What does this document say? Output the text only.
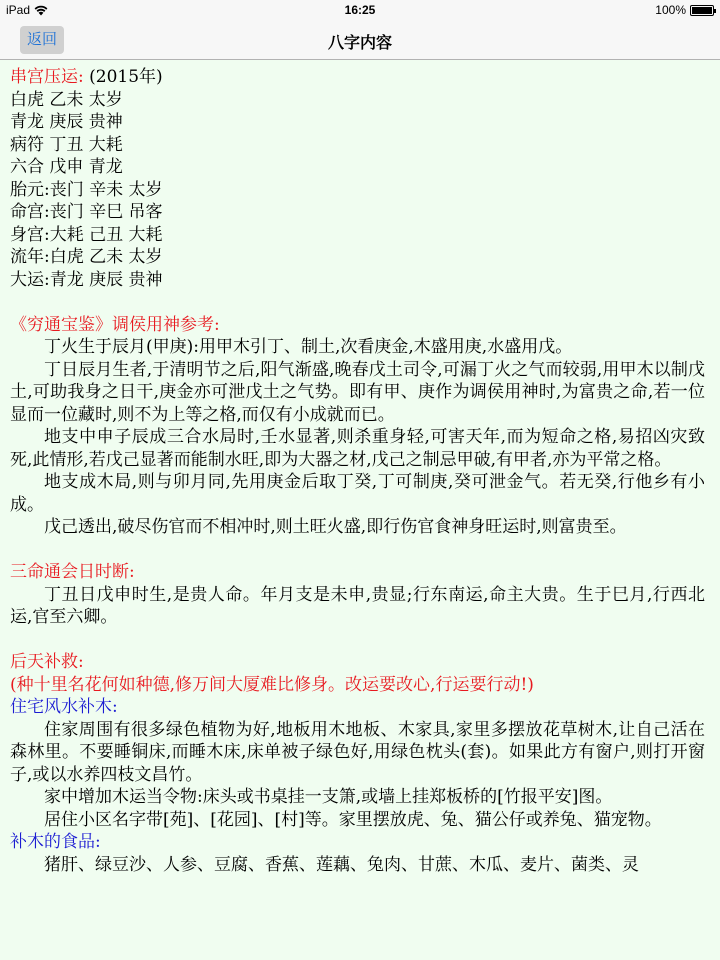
iPad	16:25	100%
返回	八字内容
串宫压运: (2015年)
白虎 乙未 太岁
青龙 庚辰 贵神
病符 丁丑 大耗
六合 戊申 青龙
胎元:丧门 辛未 太岁
命宫:丧门 辛巳 吊客
身宫:大耗 己丑 大耗
流年:白虎 乙未 太岁
大运:青龙 庚辰 贵神
《穷通宝鉴》调侯用神参考:
丁火生于辰月(甲庚):用甲木引丁、制土,次看庚金,木盛用庚,水盛用戊。
丁日辰月生者,于清明节之后,阳气渐盛,晚春戊土司令,可漏丁火之气而较弱,用甲木以制戊土,可助我身之日干,庚金亦可泄戊土之气势。即有甲、庚作为调侯用神时,为富贵之命,若一位显而一位藏时,则不为上等之格,而仅有小成就而已。
地支中申子辰成三合水局时,壬水显著,则杀重身轻,可害天年,而为短命之格,易招凶灾致死,此情形,若戊己显著而能制水旺,即为大器之材,戊己之制忌甲破,有甲者,亦为平常之格。
地支成木局,则与卯月同,先用庚金后取丁癸,丁可制庚,癸可泄金气。若无癸,行他乡有小成。
戊己透出,破尽伤官而不相冲时,则土旺火盛,即行伤官食神身旺运时,则富贵至。
三命通会日时断:
丁丑日戊申时生,是贵人命。年月支是未申,贵显;行东南运,命主大贵。生于巳月,行西北运,官至六卿。
后天补救:
(种十里名花何如种德,修万间大厦难比修身。改运要改心,行运要行动!)
住宅风水补木:
住家周围有很多绿色植物为好,地板用木地板、木家具,家里多摆放花草树木,让自己活在森林里。不要睡铜床,而睡木床,床单被子绿色好,用绿色枕头(套)。如果此方有窗户,则打开窗子,或以水养四枝文昌竹。
家中增加木运当令物:床头或书桌挂一支箫,或墙上挂郑板桥的[竹报平安]图。
居住小区名字带[苑]、[花园]、[村]等。家里摆放虎、兔、猫公仔或养兔、猫宠物。
补木的食品:
猪肝、绿豆沙、人参、豆腐、香蕉、莲藕、兔肉、甘蔗、木瓜、麦片、菌类、灵
